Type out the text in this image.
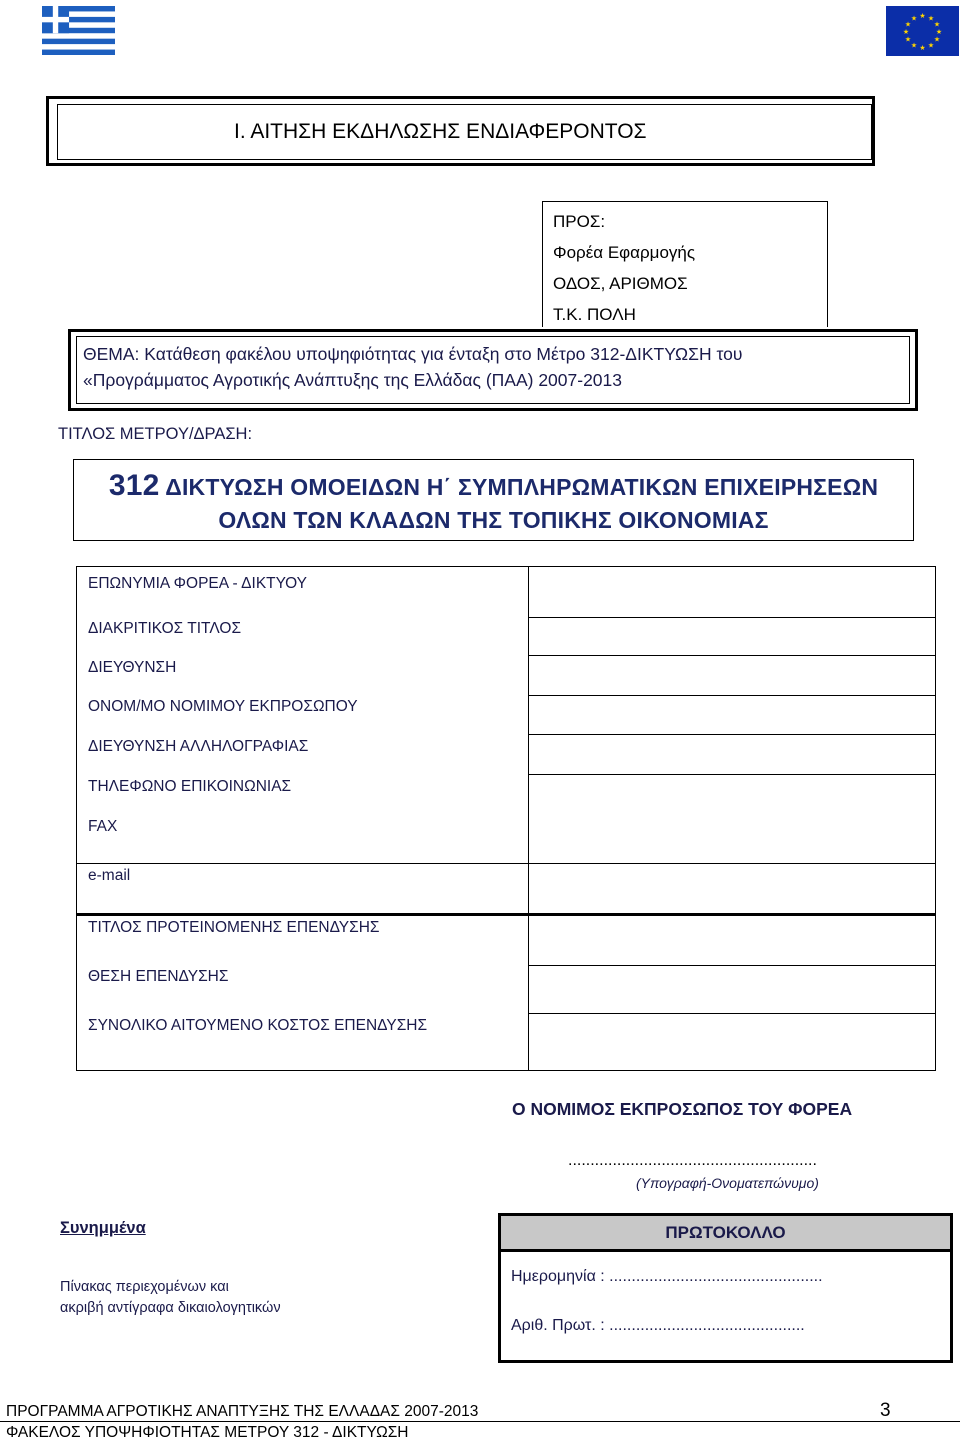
★ ★
★
★
★
★
★
★
★
★
★
★
Ι. ΑΙΤΗΣΗ ΕΚΔΗΛΩΣΗΣ ΕΝΔΙΑΦΕΡΟΝΤΟΣ
ΠΡΟΣ:
Φορέα Εφαρμογής
ΟΔΟΣ, ΑΡΙΘΜΟΣ
Τ.Κ. ΠΟΛΗ
ΘΕΜΑ: Κατάθεση φακέλου υποψηφιότητας για ένταξη στο Μέτρο 312-ΔΙΚΤΥΩΣΗ του
«Προγράμματος Αγροτικής Ανάπτυξης της Ελλάδας (ΠΑΑ) 2007-2013
ΤΙΤΛΟΣ ΜΕΤΡΟΥ/ΔΡΑΣΗ:
312 ΔΙΚΤΥΩΣΗ ΟΜΟΕΙΔΩΝ Η΄ ΣΥΜΠΛΗΡΩΜΑΤΙΚΩΝ ΕΠΙΧΕΙΡΗΣΕΩΝ
ΟΛΩΝ ΤΩΝ ΚΛΑΔΩΝ ΤΗΣ ΤΟΠΙΚΗΣ ΟΙΚΟΝΟΜΙΑΣ
ΕΠΩΝΥΜΙΑ ΦΟΡΕΑ - ΔΙΚΤΥΟΥ
ΔΙΑΚΡΙΤΙΚΟΣ ΤΙΤΛΟΣ
ΔΙΕΥΘΥΝΣΗ
ΟΝΟΜ/ΜΟ ΝΟΜΙΜΟΥ ΕΚΠΡΟΣΩΠΟΥ
ΔΙΕΥΘΥΝΣΗ ΑΛΛΗΛΟΓΡΑΦΙΑΣ
ΤΗΛΕΦΩΝΟ ΕΠΙΚΟΙΝΩΝΙΑΣ
FAX
e-mail
ΤΙΤΛΟΣ ΠΡΟΤΕΙΝΟΜΕΝΗΣ ΕΠΕΝΔΥΣΗΣ
ΘΕΣΗ ΕΠΕΝΔΥΣΗΣ
ΣΥΝΟΛΙΚΟ ΑΙΤΟΥΜΕΝΟ ΚΟΣΤΟΣ ΕΠΕΝΔΥΣΗΣ
Ο ΝΟΜΙΜΟΣ ΕΚΠΡΟΣΩΠΟΣ ΤΟΥ ΦΟΡΕΑ
........................................................
(Υπογραφή-Ονοματεπώνυμο)
Συνημμένα
Πίνακας περιεχομένων και
ακριβή αντίγραφα δικαιολογητικών
ΠΡΩΤΟΚΟΛΛΟ
Ημερομηνία : ................................................
Αριθ. Πρωτ. : ............................................
ΠΡΟΓΡΑΜΜΑ ΑΓΡΟΤΙΚΗΣ ΑΝΑΠΤΥΞΗΣ ΤΗΣ ΕΛΛΑΔΑΣ 2007-2013	3
ΦΑΚΕΛΟΣ ΥΠΟΨΗΦΙΟΤΗΤΑΣ ΜΕΤΡΟΥ 312 - ΔΙΚΤΥΩΣΗ
